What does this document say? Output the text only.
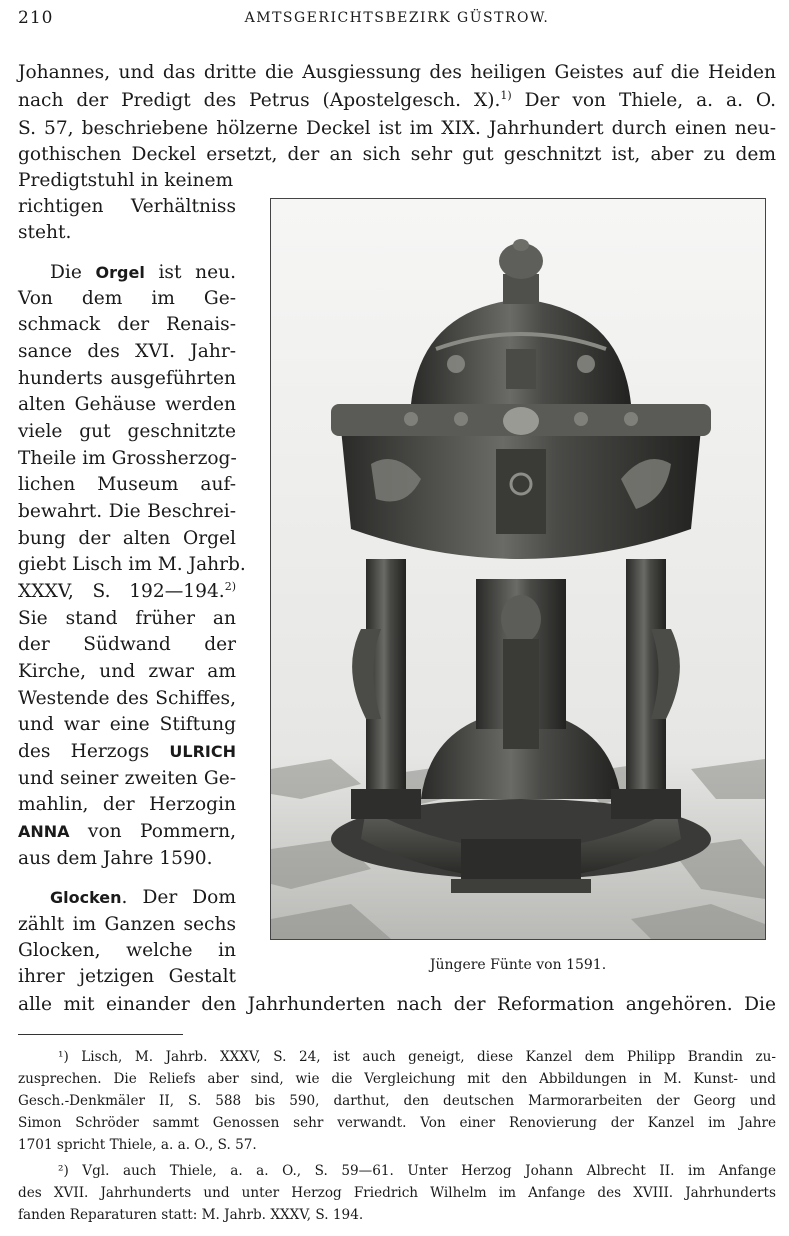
210	AMTSGERICHTSBEZIRK GÜSTROW.
Johannes, und das dritte die Ausgiessung des heiligen Geistes auf die Heiden
nach der Predigt des Petrus (Apostelgesch. X).$^{1)}$ Der von Thiele, a. a. O.
S. 57, beschriebene hölzerne Deckel ist im XIX. Jahrhundert durch einen neu-
gothischen Deckel ersetzt, der an sich sehr gut geschnitzt ist, aber zu dem
Predigtstuhl in keinem
richtigen Verhältniss
steht.
Die Orgel ist neu.
Von dem im Ge-
schmack der Renais-
sance des XVI. Jahr-
hunderts ausgeführten
alten Gehäuse werden
viele gut geschnitzte
Theile im Grossherzog-
lichen Museum auf-
bewahrt. Die Beschrei-
bung der alten Orgel
giebt Lisch im M. Jahrb.
XXXV, S. 192—194.$^{2)}$
Sie stand früher an
der Südwand der
Kirche, und zwar am
Westende des Schiffes,
und war eine Stiftung
des Herzogs ULRICH
und seiner zweiten Ge-
mahlin, der Herzogin
ANNA von Pommern,
aus dem Jahre 1590.
Glocken. Der Dom
zählt im Ganzen sechs
Glocken, welche in
ihrer jetzigen Gestalt
alle mit einander den Jahrhunderten nach der Reformation angehören. Die
Jüngere Fünte von 1591.
¹) Lisch, M. Jahrb. XXXV, S. 24, ist auch geneigt, diese Kanzel dem Philipp Brandin zu-
zusprechen. Die Reliefs aber sind, wie die Vergleichung mit den Abbildungen in M. Kunst- und
Gesch.-Denkmäler II, S. 588 bis 590, darthut, den deutschen Marmorarbeiten der Georg und
Simon Schröder sammt Genossen sehr verwandt. Von einer Renovierung der Kanzel im Jahre
1701 spricht Thiele, a. a. O., S. 57.
²) Vgl. auch Thiele, a. a. O., S. 59—61. Unter Herzog Johann Albrecht II. im Anfange
des XVII. Jahrhunderts und unter Herzog Friedrich Wilhelm im Anfange des XVIII. Jahrhunderts
fanden Reparaturen statt: M. Jahrb. XXXV, S. 194.
